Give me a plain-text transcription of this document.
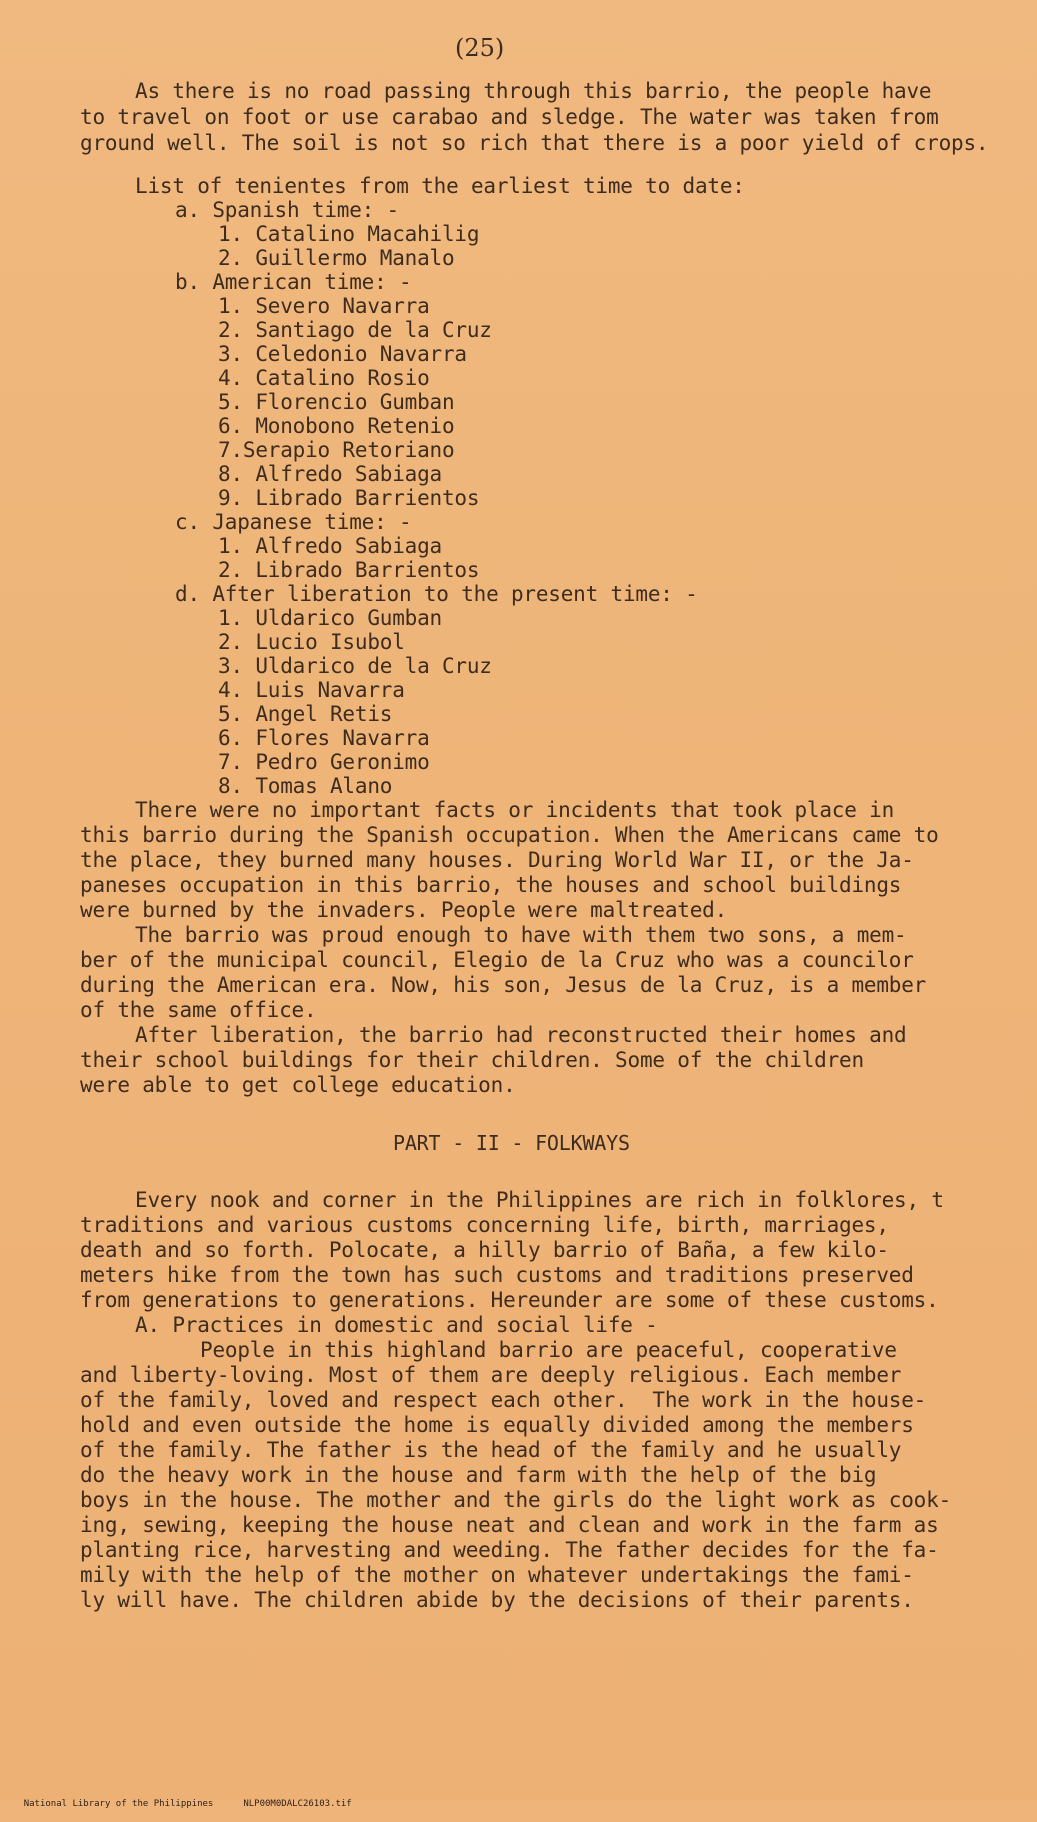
(25)
As there is no road passing through this barrio, the people have
to travel on foot or use carabao and sledge. The water was taken from
ground well. The soil is not so rich that there is a poor yield of crops.
List of tenientes from the earliest time to date:
a. Spanish time: -
1. Catalino Macahilig
2. Guillermo Manalo
b. American time: -
1. Severo Navarra
2. Santiago de la Cruz
3. Celedonio Navarra
4. Catalino Rosio
5. Florencio Gumban
6. Monobono Retenio
7.Serapio Retoriano
8. Alfredo Sabiaga
9. Librado Barrientos
c. Japanese time: -
1. Alfredo Sabiaga
2. Librado Barrientos
d. After liberation to the present time: -
1. Uldarico Gumban
2. Lucio Isubol
3. Uldarico de la Cruz
4. Luis Navarra
5. Angel Retis
6. Flores Navarra
7. Pedro Geronimo
8. Tomas Alano
There were no important facts or incidents that took place in
this barrio during the Spanish occupation. When the Americans came to
the place, they burned many houses. During World War II, or the Ja-
paneses occupation in this barrio, the houses and school buildings
were burned by the invaders. People were maltreated.
The barrio was proud enough to have with them two sons, a mem-
ber of the municipal council, Elegio de la Cruz who was a councilor
during the American era. Now, his son, Jesus de la Cruz, is a member
of the same office.
After liberation, the barrio had reconstructed their homes and
their school buildings for their children. Some of the children
were able to get college education.
PART - II - FOLKWAYS
Every nook and corner in the Philippines are rich in folklores, t
traditions and various customs concerning life, birth, marriages,
death and so forth. Polocate, a hilly barrio of Baña, a few kilo-
meters hike from the town has such customs and traditions preserved
from generations to generations. Hereunder are some of these customs.
A. Practices in domestic and social life -
People in this highland barrio are peaceful, cooperative
and liberty-loving. Most of them are deeply religious. Each member
of the family, loved and respect each other.  The work in the house-
hold and even outside the home is equally divided among the members
of the family. The father is the head of the family and he usually
do the heavy work in the house and farm with the help of the big
boys in the house. The mother and the girls do the light work as cook-
ing, sewing, keeping the house neat and clean and work in the farm as
planting rice, harvesting and weeding. The father decides for the fa-
mily with the help of the mother on whatever undertakings the fami-
ly will have. The children abide by the decisions of their parents.

National Library of the Philippines	NLP00M0DALC26103.tif
